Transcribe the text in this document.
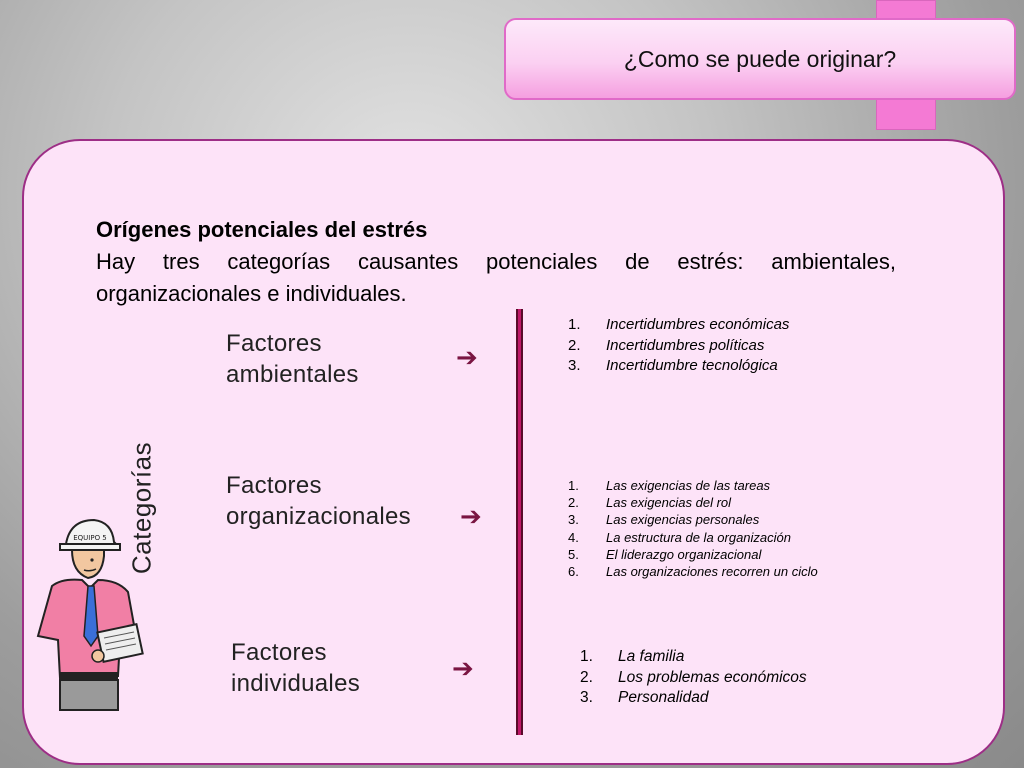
¿Como se puede originar?
Orígenes potenciales del estrés
Hay tres categorías causantes potenciales de estrés: ambientales, organizacionales e individuales.
Categorías
Factores
ambientales
➔
Factores
organizacionales ➔
Factores
individuales	➔
1. Incertidumbres económicas
2. Incertidumbres políticas
3. Incertidumbre tecnológica
1. Las exigencias de las tareas
2. Las exigencias del rol
3. Las exigencias personales
4. La estructura de la organización
5. El liderazgo organizacional
6. Las organizaciones recorren un ciclo
1. La familia
2. Los problemas económicos
3. Personalidad
EQUIPO 5
